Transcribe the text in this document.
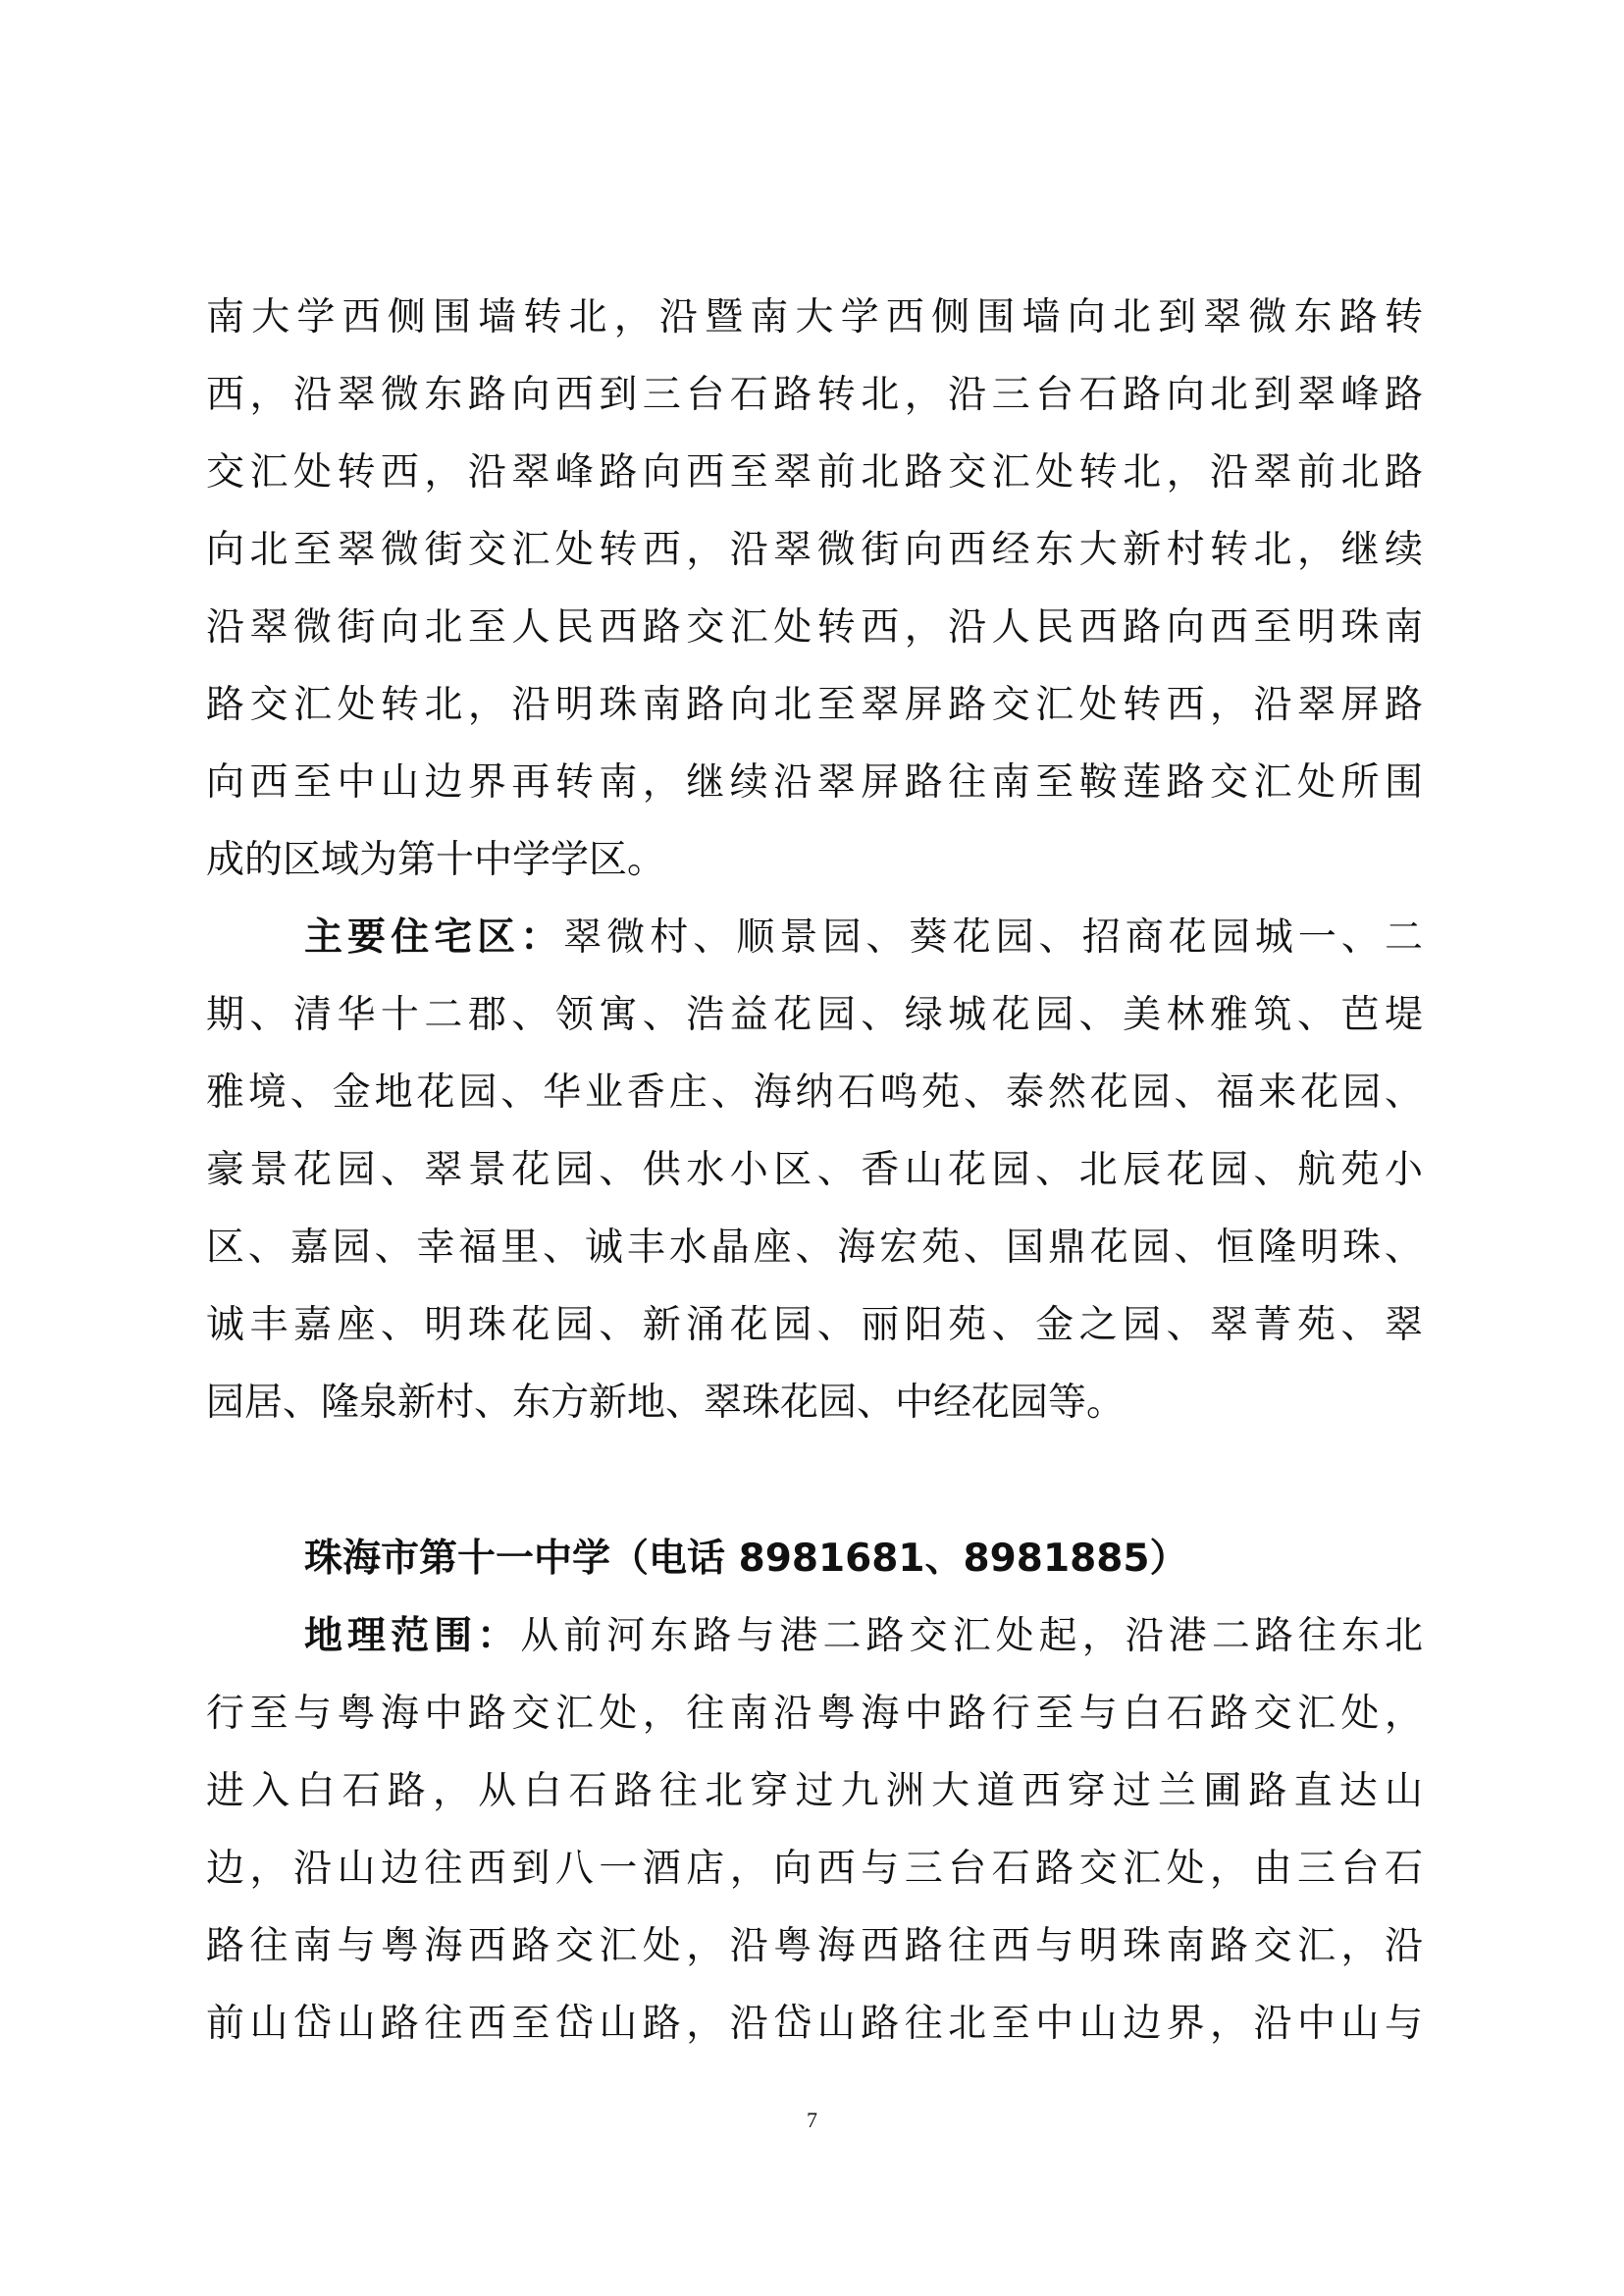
南大学西侧围墙转北，沿暨南大学西侧围墙向北到翠微东路转
西，沿翠微东路向西到三台石路转北，沿三台石路向北到翠峰路
交汇处转西，沿翠峰路向西至翠前北路交汇处转北，沿翠前北路
向北至翠微街交汇处转西，沿翠微街向西经东大新村转北，继续
沿翠微街向北至人民西路交汇处转西，沿人民西路向西至明珠南
路交汇处转北，沿明珠南路向北至翠屏路交汇处转西，沿翠屏路
向西至中山边界再转南，继续沿翠屏路往南至鞍莲路交汇处所围
成的区域为第十中学学区。
主要住宅区：翠微村、顺景园、葵花园、招商花园城一、二
期、清华十二郡、领寓、浩益花园、绿城花园、美林雅筑、芭堤
雅境、金地花园、华业香庄、海纳石鸣苑、泰然花园、福来花园、
豪景花园、翠景花园、供水小区、香山花园、北辰花园、航苑小
区、嘉园、幸福里、诚丰水晶座、海宏苑、国鼎花园、恒隆明珠、
诚丰嘉座、明珠花园、新涌花园、丽阳苑、金之园、翠菁苑、翠
园居、隆泉新村、东方新地、翠珠花园、中经花园等。
珠海市第十一中学（电话 8981681、8981885）
地理范围：从前河东路与港二路交汇处起，沿港二路往东北
行至与粤海中路交汇处，往南沿粤海中路行至与白石路交汇处，
进入白石路，从白石路往北穿过九洲大道西穿过兰圃路直达山
边，沿山边往西到八一酒店，向西与三台石路交汇处，由三台石
路往南与粤海西路交汇处，沿粤海西路往西与明珠南路交汇，沿
前山岱山路往西至岱山路，沿岱山路往北至中山边界，沿中山与
7
